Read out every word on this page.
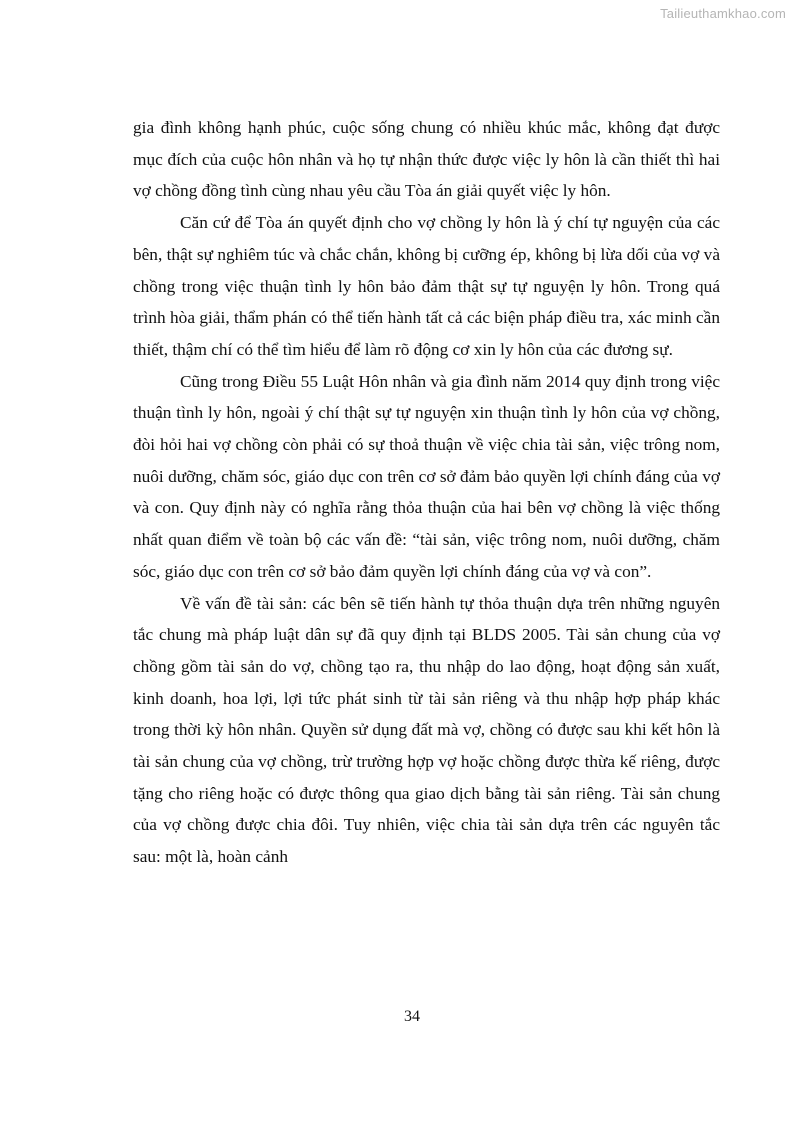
Tailieuthamkhao.com

gia đình không hạnh phúc, cuộc sống chung có nhiều khúc mắc, không đạt được mục đích của cuộc hôn nhân và họ tự nhận thức được việc ly hôn là cần thiết thì hai vợ chồng đồng tình cùng nhau yêu cầu Tòa án giải quyết việc ly hôn.

Căn cứ để Tòa án quyết định cho vợ chồng ly hôn là ý chí tự nguyện của các bên, thật sự nghiêm túc và chắc chắn, không bị cưỡng ép, không bị lừa dối của vợ và chồng trong việc thuận tình ly hôn bảo đảm thật sự tự nguyện ly hôn. Trong quá trình hòa giải, thẩm phán có thể tiến hành tất cả các biện pháp điều tra, xác minh cần thiết, thậm chí có thể tìm hiểu để làm rõ động cơ xin ly hôn của các đương sự.

Cũng trong Điều 55 Luật Hôn nhân và gia đình năm 2014 quy định trong việc thuận tình ly hôn, ngoài ý chí thật sự tự nguyện xin thuận tình ly hôn của vợ chồng, đòi hỏi hai vợ chồng còn phải có sự thoả thuận về việc chia tài sản, việc trông nom, nuôi dưỡng, chăm sóc, giáo dục con trên cơ sở đảm bảo quyền lợi chính đáng của vợ và con. Quy định này có nghĩa rằng thỏa thuận của hai bên vợ chồng là việc thống nhất quan điểm về toàn bộ các vấn đề: “tài sản, việc trông nom, nuôi dưỡng, chăm sóc, giáo dục con trên cơ sở bảo đảm quyền lợi chính đáng của vợ và con”.

Về vấn đề tài sản: các bên sẽ tiến hành tự thỏa thuận dựa trên những nguyên tắc chung mà pháp luật dân sự đã quy định tại BLDS 2005. Tài sản chung của vợ chồng gồm tài sản do vợ, chồng tạo ra, thu nhập do lao động, hoạt động sản xuất, kinh doanh, hoa lợi, lợi tức phát sinh từ tài sản riêng và thu nhập hợp pháp khác trong thời kỳ hôn nhân. Quyền sử dụng đất mà vợ, chồng có được sau khi kết hôn là tài sản chung của vợ chồng, trừ trường hợp vợ hoặc chồng được thừa kế riêng, được tặng cho riêng hoặc có được thông qua giao dịch bằng tài sản riêng. Tài sản chung của vợ chồng được chia đôi. Tuy nhiên, việc chia tài sản dựa trên các nguyên tắc sau: một là, hoàn cảnh

34
